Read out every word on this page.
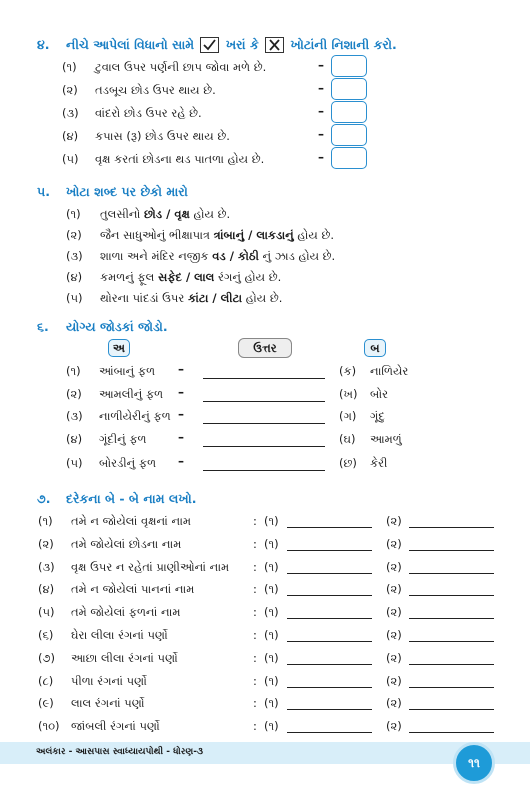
૪. નીચે આપેલાં વિધાનો સામે	ખરાં કે	ખોટાંની નિશાની કરો.
(૧) ટુવાલ ઉપર પર્ણની છાપ જોવા મળે છે.	–
(૨) તડબૂચ છોડ ઉપર થાય છે.	–
(૩) વાંદરો છોડ ઉપર રહે છે.	–
(૪) કપાસ (રૂ) છોડ ઉપર થાય છે.	–
(૫) વૃક્ષ કરતાં છોડના થડ પાતળા હોય છે.	–
૫. ખોટા શબ્દ પર છેકો મારો
(૧) તુલસીનો છોડ / વૃક્ષ હોય છે.
(૨) જૈન સાધુઓનું ભીક્ષાપાત્ર ત્રાંબાનું / લાકડાનું હોય છે.
(૩) શાળા અને મંદિર નજીક વડ / કોઠી નું ઝાડ હોય છે.
(૪) કમળનું ફૂલ સફેદ / લાલ રંગનું હોય છે.
(૫) થોરના પાંદડાં ઉપર કાંટા / લીટા હોય છે.
૬. યોગ્ય જોડકાં જોડો.
અ	ઉત્તર	બ
(૧) આંબાનું ફળ –	(ક) નાળિયેર
(૨) આમલીનું ફળ –	(ખ) બોર
(૩) નાળીયેરીનું ફળ –	(ગ) ગૂંદુ
(૪) ગૂંદીનું ફળ	–	(ઘ) આમળું
(૫) બોરડીનું ફળ –	(છ) કેરી
૭. દરેકના બે - બે નામ લખો.
(૧) તમે ન જોયેલાં વૃક્ષનાં નામ	: (૧)	(૨)
(૨) તમે જોયેલાં છોડના નામ	: (૧)	(૨)
(૩) વૃક્ષ ઉપર ન રહેતાં પ્રાણીઓનાં નામ : (૧)	(૨)
(૪) તમે ન જોયેલાં પાનનાં નામ	: (૧)	(૨)
(૫) તમે જોયેલાં ફળનાં નામ	: (૧)	(૨)
(૬) ઘેરા લીલા રંગનાં પર્ણો	: (૧)	(૨)
(૭) આછા લીલા રંગનાં પર્ણો	: (૧)	(૨)
(૮) પીળા રંગનાં પર્ણો	: (૧)	(૨)
(૯) લાલ રંગનાં પર્ણો	: (૧)	(૨)
(૧૦) જાંબલી રંગનાં પર્ણો	: (૧)	(૨)
અલંકાર - આસપાસ સ્વાધ્યાયપોથી - ધોરણ-૩
૧૧
